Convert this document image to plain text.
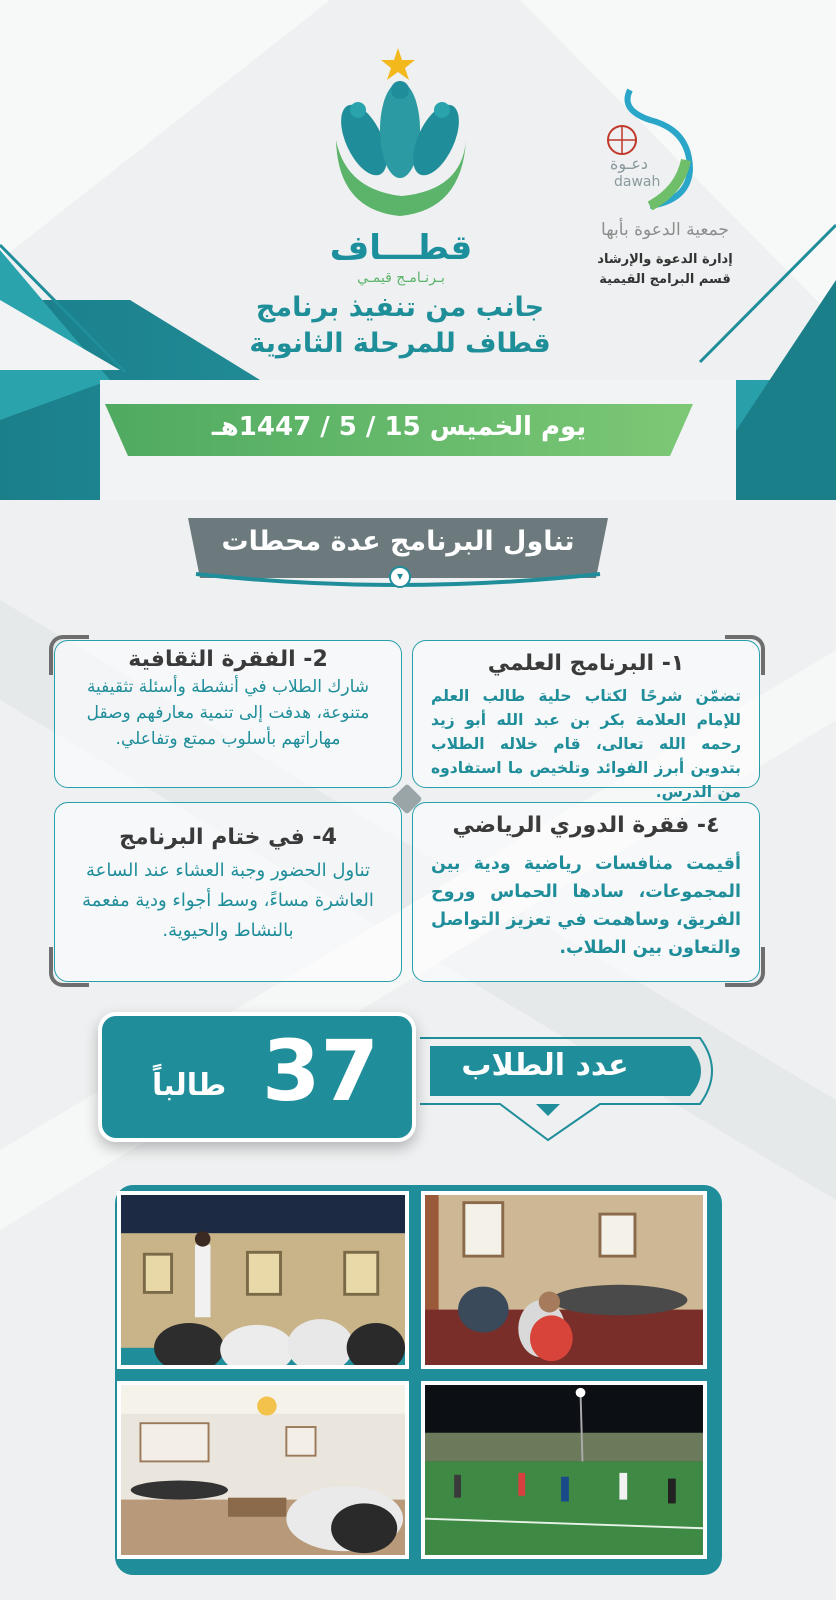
قطـــاف
بـرنـامـج قيمـي
دعـوة
dawah
جمعية الدعوة بأبها
إدارة الدعوة والإرشاد
قسم البرامج القيمية
جانب من تنفيذ برنامج
قطاف للمرحلة الثانوية
يوم الخميس 15 / 5 / 1447هـ
تناول البرنامج عدة محطات
▾
١- البرنامج العلمي
تضمّن شرحًا لكتاب حلية طالب العلم للإمام العلامة بكر بن عبد الله أبو زيد رحمه الله تعالى، قام خلاله الطلاب بتدوين أبرز الفوائد وتلخيص ما استفادوه من الدرس.
2- الفقرة الثقافية
شارك الطلاب في أنشطة وأسئلة تثقيفية متنوعة، هدفت إلى تنمية معارفهم وصقل مهاراتهم بأسلوب ممتع وتفاعلي.
٤- فقرة الدوري الرياضي
أقيمت منافسات رياضية ودية بين المجموعات، سادها الحماس وروح الفريق، وساهمت في تعزيز التواصل والتعاون بين الطلاب.
4- في ختام البرنامج
تناول الحضور وجبة العشاء عند الساعة العاشرة مساءً، وسط أجواء ودية مفعمة بالنشاط والحيوية.
37
طالباً
عدد الطلاب
